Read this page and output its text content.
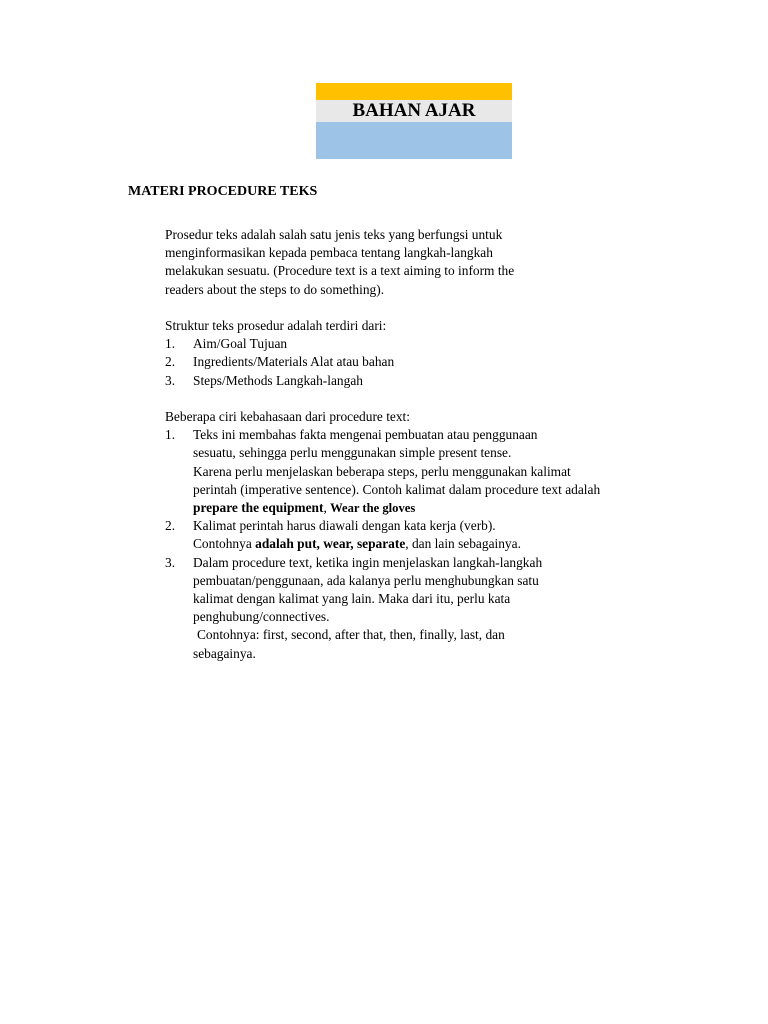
BAHAN AJAR
MATERI PROCEDURE TEKS

Prosedur teks adalah salah satu jenis teks yang berfungsi untuk

menginformasikan kepada pembaca tentang langkah-langkah

melakukan sesuatu. (Procedure text is a text aiming to inform the

readers about the steps to do something).

Struktur teks prosedur adalah terdiri dari:
1.	Aim/Goal Tujuan
2.	Ingredients/Materials Alat atau bahan
3.	Steps/Methods Langkah-langah
Beberapa ciri kebahasaan dari procedure text:
1.	Teks ini membahas fakta mengenai pembuatan atau penggunaan
sesuatu, sehingga perlu menggunakan simple present tense.
Karena perlu menjelaskan beberapa steps, perlu menggunakan kalimat
perintah (imperative sentence). Contoh kalimat dalam procedure text adalah
prepare the equipment, Wear the gloves
2.	Kalimat perintah harus diawali dengan kata kerja (verb).
Contohnya adalah put, wear, separate, dan lain sebagainya.
3.	Dalam procedure text, ketika ingin menjelaskan langkah-langkah
pembuatan/penggunaan, ada kalanya perlu menghubungkan satu
kalimat dengan kalimat yang lain. Maka dari itu, perlu kata
penghubung/connectives.
Contohnya: first, second, after that, then, finally, last, dan
sebagainya.
